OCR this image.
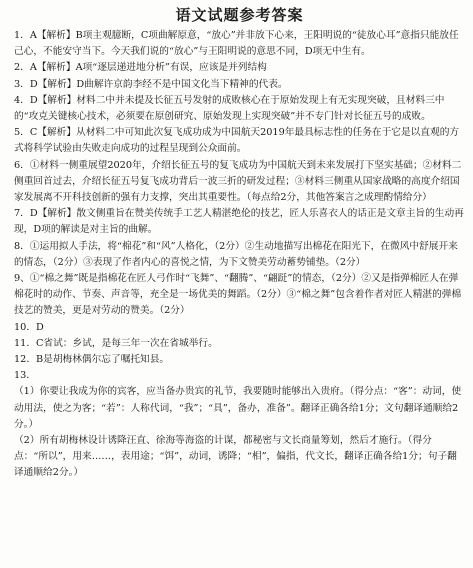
语文试题参考答案

1．A【解析】B项主观臆断，C项曲解原意，“放心”并非放下心来，王阳明说的“徒放心耳”意指只能放任己心，不能安守当下。今天我们说的“放心”与王阳明说的意思不同，D项无中生有。

2．A【解析】A项“逐层递进地分析”有误，应该是并列结构

3．D【解析】D曲解许京韵李经不是中国文化当下精神的代表。

4．D【解析】材料二中并未提及长征五号发射的成败核心在于原始发现上有无实现突破，且材料三中的“攻克关键核心技术，必须要在原创研究、原始发现上实现突破”并不专门针对长征五号的成败。

5．C【解析】从材料二中可知此次复飞成功成为中国航天2019年最具标志性的任务在于它是以直观的方式将科学试验由失败走向成功的过程呈现到公众面前。

6．①材料一侧重展望2020年，介绍长征五号的复飞成功为中国航天到未来发展打下坚实基础；②材料二侧重回首过去，介绍长征五号复飞成功背后一波三折的研发过程；③材料三侧重从国家战略的高度介绍国家发展离不开科技创新的强有力支撑，突出其重要性。（每点给2分，其他答案言之成理酌情给分）

7．D【解析】散文侧重旨在赞美传统手工艺人精湛绝伦的技艺，匠人乐喜衣人的话正是文章主旨的生动再现，D项的解读是对主旨的曲解。

8．①运用拟人手法，将“棉花”和“风”人格化，（2分）②生动地描写出棉花在阳光下，在微风中舒展开来的情态，（2分）③表现了作者内心的喜悦之情，为下文赞美劳动蓄势铺垫。（2分）

9、①“棉之舞”既是指棉花在匠人弓作时“飞舞”、“翻腾”、“翩跹”的情态，（2分）②又是指弹棉匠人在弹棉花时的动作、节奏、声音等，充全是一场优美的舞蹈。（2分）③“棉之舞”包含着作者对匠人精湛的弹棉技艺的赞美，更是对劳动的赞美。（2分）

10．D

11．C省试：乡试，是每三年一次在省城举行。

12．B是胡梅林偶尔忘了嘱托知县。

13．

（1）你要让我成为你的宾客，应当备办贵宾的礼节，我要随时能够出入贵府。（得分点：“客”：动词，使动用法，使之为客；“若”：人称代词，“我”；“具”，备办，准备”。翻译正确各给1分；文句翻译通顺给2分。）

（2）所有胡梅林设计诱降汪直、徐海等海盗的计谋，都秘密与文长商量筹划，然后才施行。（得分点：“所以”，用来……，表用途；“饵”，动词，诱降；“相”，偏指，代文长，翻译正确各给1分；句子翻译通顺给2分。）
